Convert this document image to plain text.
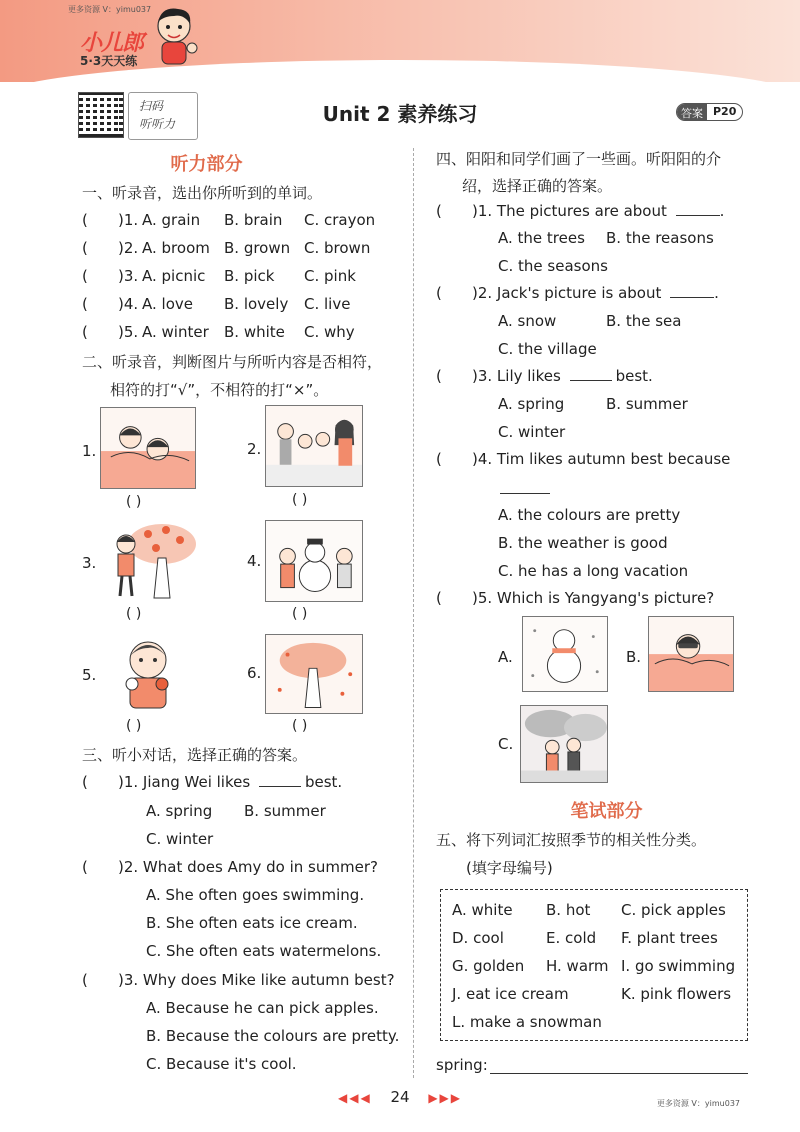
更多资源 V：yimu037
小儿郎
5·3天天练
扫码
听听力	Unit 2 素养练习	答案 P20
听力部分
一、听录音，选出你所听到的单词。
( )1. A. grain B. brain C. crayon
( )2. A. broom B. grown C. brown
( )3. A. picnic B. pick C. pink
( )4. A. love B. lovely C. live
( )5. A. winter B. white C. why
二、听录音，判断图片与所听内容是否相符，
相符的打“√”，不相符的打“×”。
1.
( )
2.
( )
3.
( )
4.
( )
5.
( )
6.
( )
三、听小对话，选择正确的答案。
( )1. Jiang Wei likes	best.
A. spring B. summer
C. winter
( )2. What does Amy do in summer?
A. She often goes swimming.
B. She often eats ice cream.
C. She often eats watermelons.
( )3. Why does Mike like autumn best?
A. Because he can pick apples.
B. Because the colours are pretty.
C. Because it's cool.
四、阳阳和同学们画了一些画。听阳阳的介
绍，选择正确的答案。
( )1. The pictures are about	.
A. the trees B. the reasons
C. the seasons
( )2. Jack's picture is about	.
A. snow	B. the sea
C. the village
( )3. Lily likes	best.
A. spring	B. summer
C. winter
( )4. Tim likes autumn best because
A. the colours are pretty
B. the weather is good
C. he has a long vacation
( )5. Which is Yangyang's picture?
A.	B.
C.
笔试部分
五、将下列词汇按照季节的相关性分类。
(填字母编号)
A. white B. hot C. pick apples
D. cool	E. cold F. plant trees
G. golden H. warm I. go swimming
J. eat ice cream	K. pink flowers
L. make a snowman
spring:
◀◀◀ 24 ▶▶▶	更多资源 V：yimu037
